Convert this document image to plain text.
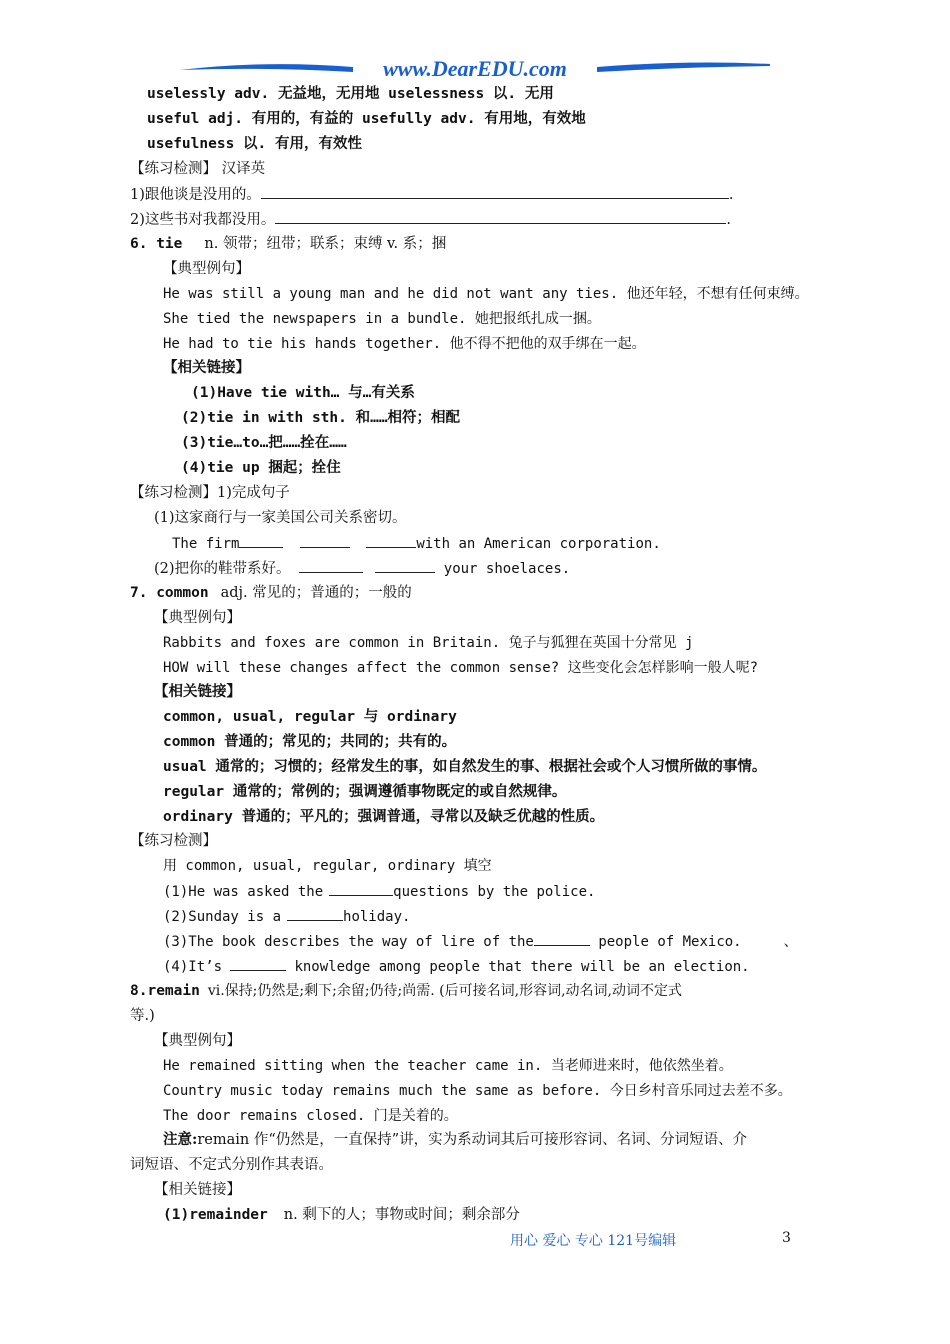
www.DearEDU.com
uselessly adv. 无益地，无用地 uselessness 以. 无用
useful adj. 有用的，有益的 usefully adv. 有用地，有效地
usefulness 以. 有用，有效性
【练习检测】 汉译英
1)跟他谈是没用的。	.
2)这些书对我都没用。	.
6. tie n. 领带；纽带；联系；束缚 v. 系；捆
【典型例句】
He was still a young man and he did not want any ties. 他还年轻，不想有任何束缚。
She tied the newspapers in a bundle. 她把报纸扎成一捆。
He had to tie his hands together. 他不得不把他的双手绑在一起。
【相关链接】
(1)Have tie with… 与…有关系
(2)tie in with sth. 和……相符；相配
(3)tie…to…把……拴在……
(4)tie up 捆起；拴住
【练习检测】1)完成句子
(1)这家商行与一家美国公司关系密切。
The firm	with an American corporation.
(2)把你的鞋带系好。	your shoelaces.
7. common adj. 常见的；普通的；一般的
【典型例句】
Rabbits and foxes are common in Britain. 兔子与狐狸在英国十分常见 j
HOW will these changes affect the common sense? 这些变化会怎样影响一般人呢?
【相关链接】
common, usual, regular 与 ordinary
common 普通的；常见的；共同的；共有的。
usual 通常的；习惯的；经常发生的事，如自然发生的事、根据社会或个人习惯所做的事情。
regular 通常的；常例的；强调遵循事物既定的或自然规律。
ordinary 普通的；平凡的；强调普通，寻常以及缺乏优越的性质。
【练习检测】
用 common, usual, regular, ordinary 填空
(1)He was asked the	questions by the police.
(2)Sunday is a	holiday.
(3)The book describes the way of lire of the	people of Mexico.	、
(4)It’s	knowledge among people that there will be an election.
8.remain vi.保持;仍然是;剩下;余留;仍待;尚需. (后可接名词,形容词,动名词,动词不定式
等.)
【典型例句】
He remained sitting when the teacher came in. 当老师进来时，他依然坐着。
Country music today remains much the same as before. 今日乡村音乐同过去差不多。
The door remains closed. 门是关着的。
注意:remain 作“仍然是，一直保持”讲，实为系动词其后可接形容词、名词、分词短语、介
词短语、不定式分别作其表语。
【相关链接】
(1)remainder n. 剩下的人；事物或时间；剩余部分
用心 爱心 专心 121号编辑	3
